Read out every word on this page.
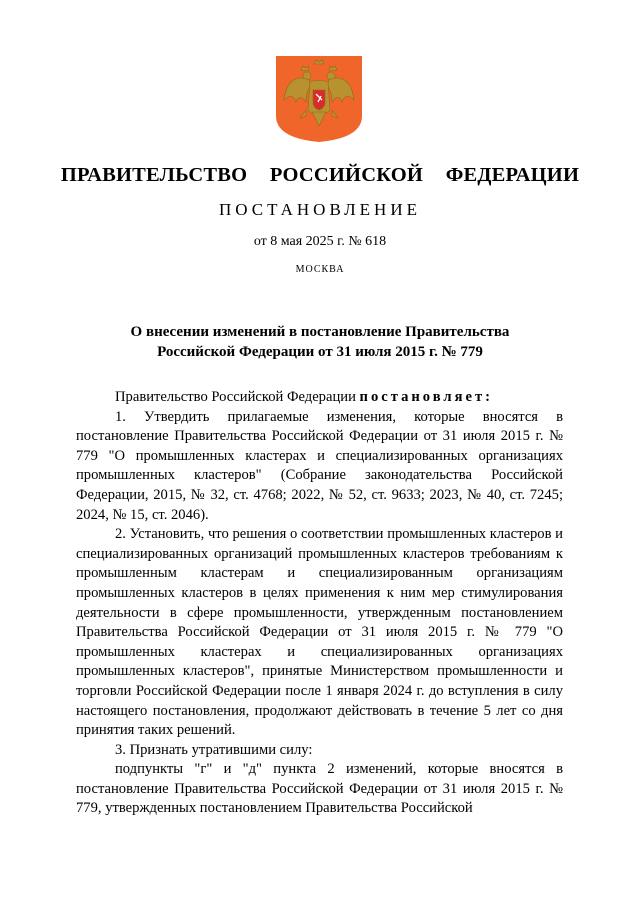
ПРАВИТЕЛЬСТВО  РОССИЙСКОЙ  ФЕДЕРАЦИИ
ПОСТАНОВЛЕНИЕ
от 8 мая 2025 г. № 618
МОСКВА
О внесении изменений в постановление Правительства
Российской Федерации от 31 июля 2015 г. № 779

Правительство Российской Федерации постановляет:

1. Утвердить прилагаемые изменения, которые вносятся в постановление Правительства Российской Федерации от 31 июля 2015 г. № 779 "О промышленных кластерах и специализированных организациях промышленных кластеров" (Собрание законодательства Российской Федерации, 2015, № 32, ст. 4768; 2022, № 52, ст. 9633; 2023, № 40, ст. 7245; 2024, № 15, ст. 2046).

2. Установить, что решения о соответствии промышленных кластеров и специализированных организаций промышленных кластеров требованиям к промышленным кластерам и специализированным организациям промышленных кластеров в целях применения к ним мер стимулирования деятельности в сфере промышленности, утвержденным постановлением Правительства Российской Федерации от 31 июля 2015 г. № 779 "О промышленных кластерах и специализированных организациях промышленных кластеров", принятые Министерством промышленности и торговли Российской Федерации после 1 января 2024 г. до вступления в силу настоящего постановления, продолжают действовать в течение 5 лет со дня принятия таких решений.

3. Признать утратившими силу:

подпункты "г" и "д" пункта 2 изменений, которые вносятся в постановление Правительства Российской Федерации от 31 июля 2015 г. № 779, утвержденных постановлением Правительства Российской
